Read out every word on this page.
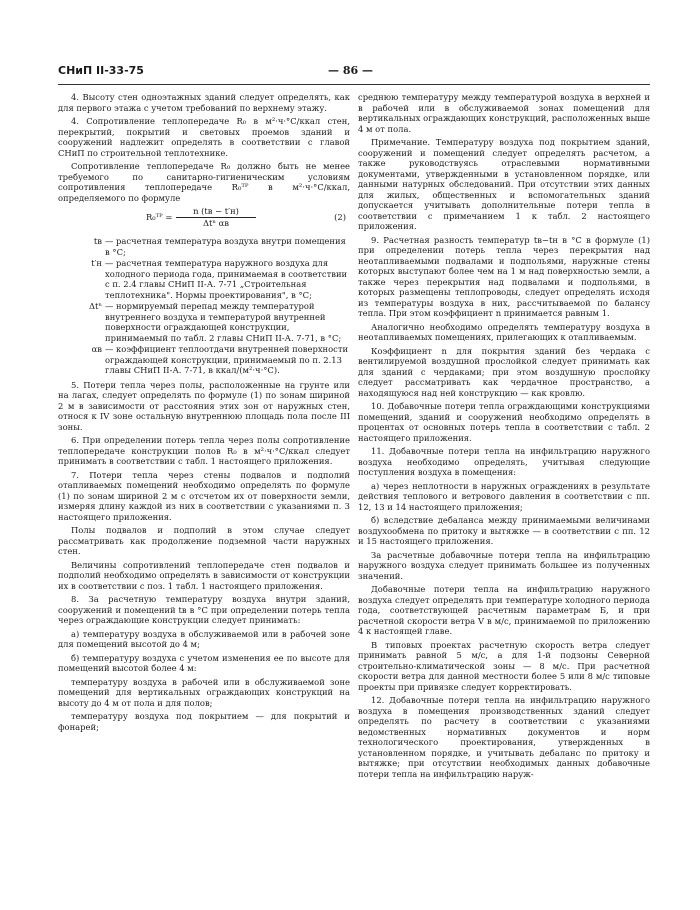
СНиП II-33-75	— 86 —

4. Высоту стен одноэтажных зданий следует определять, как для первого этажа с учетом требований по верхнему этажу.

4. Сопротивление теплопередаче R₀ в м²·ч·°С/ккал стен, перекрытий, покрытий и световых проемов зданий и сооружений надлежит определять в соответствии с главой СНиП по строительной теплотехнике.

Сопротивление теплопередаче R₀ должно быть не менее требуемого по санитарно-гигиеническим условиям сопротивления теплопередаче R₀ᵀᴾ в м²·ч·°С/ккал, определяемого по формуле

R₀ᵀᴾ =
n (tв − t′н)
Δtⁿ αв
(2)
tв — расчетная температура воздуха внутри помещения в °С;
t′н — расчетная температура наружного воздуха для холодного периода года, принимаемая в соответствии с п. 2.4 главы СНиП II-А. 7-71 „Строительная теплотехника". Нормы проектирования", в °С;
Δtⁿ — нормируемый перепад между температурой внутреннего воздуха и температурой внутренней поверхности ограждающей конструкции, принимаемый по табл. 2 главы СНиП II-А. 7-71, в °С;
αв — коэффициент теплоотдачи внутренней поверхности ограждающей конструкции, принимаемый по п. 2.13 главы СНиП II-А. 7-71, в ккал/(м²·ч·°С).

5. Потери тепла через полы, расположенные на грунте или на лагах, следует определять по формуле (1) по зонам шириной 2 м в зависимости от расстояния этих зон от наружных стен, относя к IV зоне остальную внутреннюю площадь пола после III зоны.

6. При определении потерь тепла через полы сопротивление теплопередаче конструкции полов R₀ в м²·ч·°С/ккал следует принимать в соответствии с табл. 1 настоящего приложения.

7. Потери тепла через стены подвалов и подполий отапливаемых помещений необходимо определять по формуле (1) по зонам шириной 2 м с отсчетом их от поверхности земли, измеряя длину каждой из них в соответствии с указаниями п. 3 настоящего приложения.

Полы подвалов и подполий в этом случае следует рассматривать как продолжение подземной части наружных стен.

Величины сопротивлений теплопередаче стен подвалов и подполий необходимо определять в зависимости от конструкции их в соответствии с поз. 1 табл. 1 настоящего приложения.

8. За расчетную температуру воздуха внутри зданий, сооружений и помещений tв в °С при определении потерь тепла через ограждающие конструкции следует принимать:

а) температуру воздуха в обслуживаемой или в рабочей зоне для помещений высотой до 4 м;

б) температуру воздуха с учетом изменения ее по высоте для помещений высотой более 4 м:

температуру воздуха в рабочей или в обслуживаемой зоне помещений для вертикальных ограждающих конструкций на высоту до 4 м от пола и для полов;

температуру воздуха под покрытием — для покрытий и фонарей;

среднюю температуру между температурой воздуха в верхней и в рабочей или в обслуживаемой зонах помещений для вертикальных ограждающих конструкций, расположенных выше 4 м от пола.

Примечание. Температуру воздуха под покрытием зданий, сооружений и помещений следует определять расчетом, а также руководствуясь отраслевыми нормативными документами, утвержденными в установленном порядке, или данными натурных обследований. При отсутствии этих данных для жилых, общественных и вспомогательных зданий допускается учитывать дополнительные потери тепла в соответствии с примечанием 1 к табл. 2 настоящего приложения.

9. Расчетная разность температур tв−tн в °С в формуле (1) при определении потерь тепла через перекрытия над неотапливаемыми подвалами и подпольями, наружные стены которых выступают более чем на 1 м над поверхностью земли, а также через перекрытия над подвалами и подпольями, в которых размещены теплопроводы, следует определять исходя из температуры воздуха в них, рассчитываемой по балансу тепла. При этом коэффициент n принимается равным 1.

Аналогично необходимо определять температуру воздуха в неотапливаемых помещениях, прилегающих к отапливаемым.

Коэффициент n для покрытия зданий без чердака с вентилируемой воздушной прослойкой следует принимать как для зданий с чердаками; при этом воздушную прослойку следует рассматривать как чердачное пространство, а находящуюся над ней конструкцию — как кровлю.

10. Добавочные потери тепла ограждающими конструкциями помещений, зданий и сооружений необходимо определять в процентах от основных потерь тепла в соответствии с табл. 2 настоящего приложения.

11. Добавочные потери тепла на инфильтрацию наружного воздуха необходимо определять, учитывая следующие поступления воздуха в помещения:

а) через неплотности в наружных ограждениях в результате действия теплового и ветрового давления в соответствии с пп. 12, 13 и 14 настоящего приложения;

б) вследствие дебаланса между принимаемыми величинами воздухообмена по притоку и вытяжке — в соответствии с пп. 12 и 15 настоящего приложения.

За расчетные добавочные потери тепла на инфильтрацию наружного воздуха следует принимать большее из полученных значений.

Добавочные потери тепла на инфильтрацию наружного воздуха следует определять при температуре холодного периода года, соответствующей расчетным параметрам Б, и при расчетной скорости ветра V в м/с, принимаемой по приложению 4 к настоящей главе.

В типовых проектах расчетную скорость ветра следует принимать равной 5 м/с, а для 1-й подзоны Северной строительно-климатической зоны — 8 м/с. При расчетной скорости ветра для данной местности более 5 или 8 м/с типовые проекты при привязке следует корректировать.

12. Добавочные потери тепла на инфильтрацию наружного воздуха в помещения производственных зданий следует определять по расчету в соответствии с указаниями ведомственных нормативных документов и норм технологического проектирования, утвержденных в установленном порядке, и учитывать дебаланс по притоку и вытяжке; при отсутствии необходимых данных добавочные потери тепла на инфильтрацию наруж-
